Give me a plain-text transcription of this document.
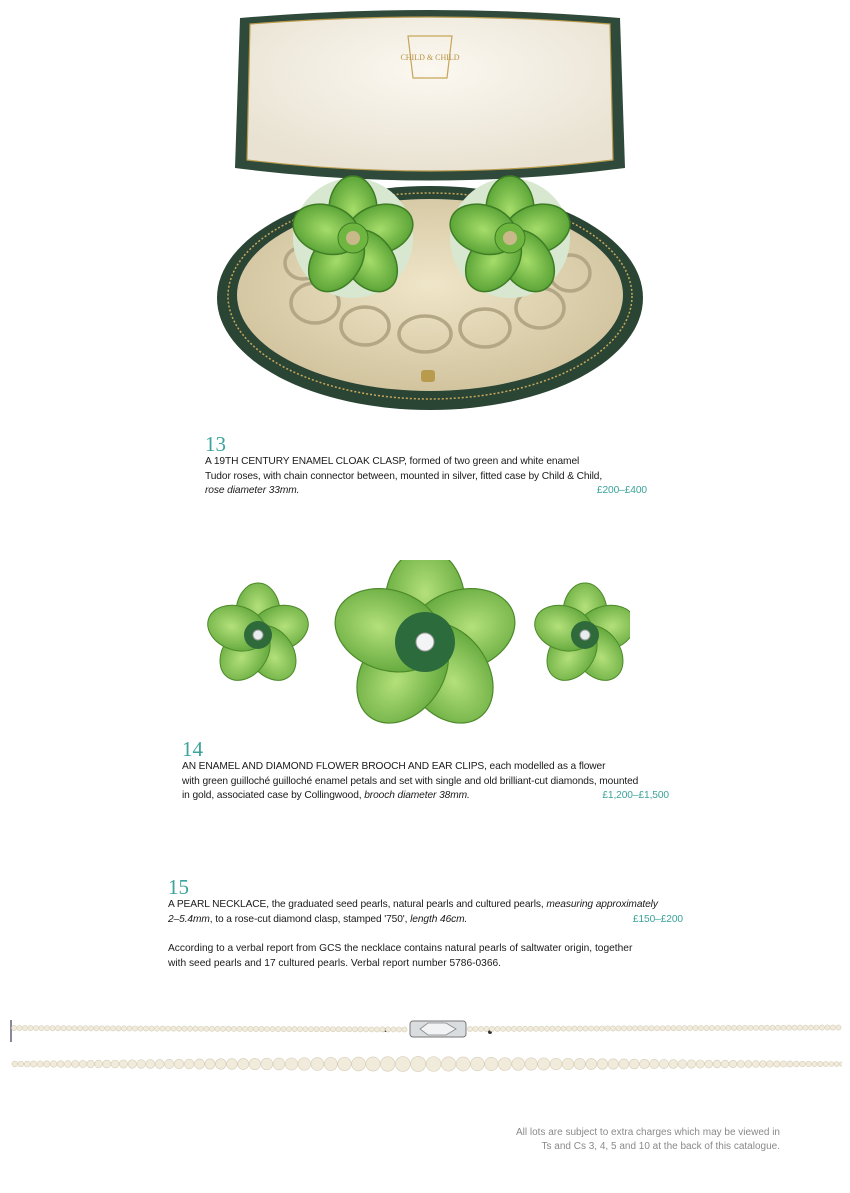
CHILD & CHILD
13
A 19TH CENTURY ENAMEL CLOAK CLASP, formed of two green and white enamel
Tudor roses, with chain connector between, mounted in silver, fitted case by Child & Child,
rose diameter 33mm.	£200–£400
14
AN ENAMEL AND DIAMOND FLOWER BROOCH AND EAR CLIPS, each modelled as a flower
with green guilloché guilloché enamel petals and set with single and old brilliant-cut diamonds, mounted
in gold, associated case by Collingwood, brooch diameter 38mm.	£1,200–£1,500
15
A PEARL NECKLACE, the graduated seed pearls, natural pearls and cultured pearls, measuring approximately
2–5.4mm, to a rose-cut diamond clasp, stamped '750', length 46cm.	£150–£200
According to a verbal report from GCS the necklace contains natural pearls of saltwater origin, together
with seed pearls and 17 cultured pearls. Verbal report number 5786-0366.
All lots are subject to extra charges which may be viewed in
Ts and Cs 3, 4, 5 and 10 at the back of this catalogue.
